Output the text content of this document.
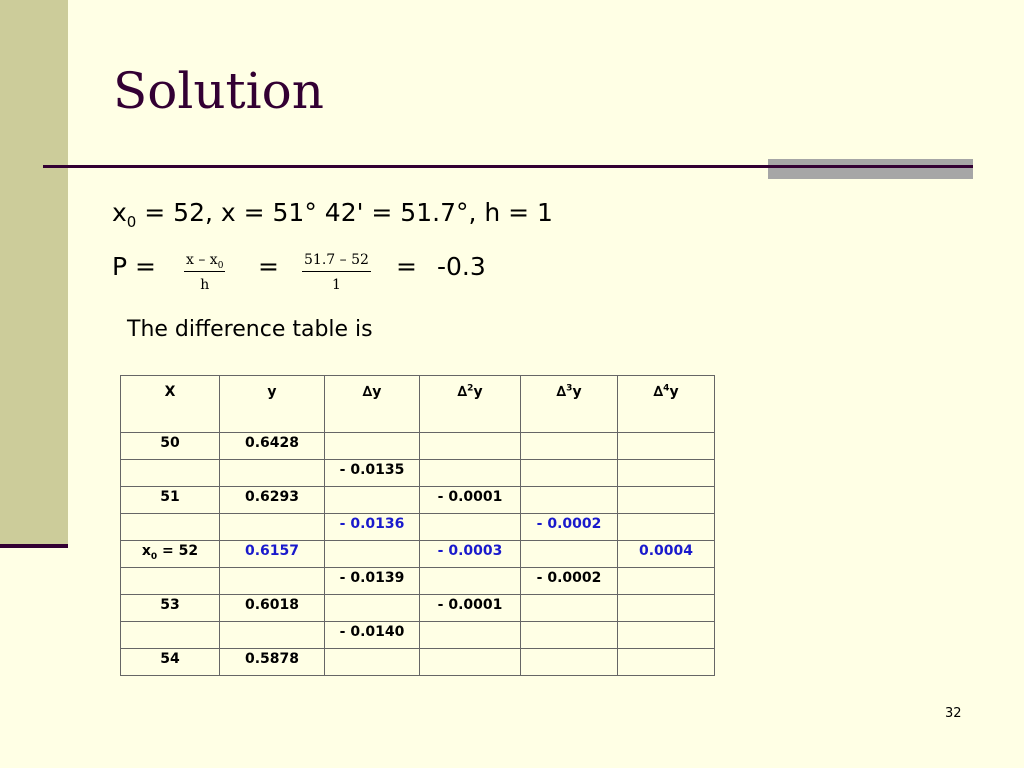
Solution
$x_0 = 52$, x = 51° 42' = 51.7°, h = 1
$P = \frac{x - x_0}{h} = \frac{51.7 - 52}{1} = -0.3$
The difference table is
X	y	∆y	∆$^2$y	∆$^3$y	∆$^4$y
50	0.6428				
		- 0.0135			
51	0.6293		- 0.0001		
		- 0.0136		- 0.0002	
$x_0 = 52$	0.6157		- 0.0003		0.0004
		- 0.0139		- 0.0002	
53	0.6018		- 0.0001		
		- 0.0140			
54	0.5878				
32
